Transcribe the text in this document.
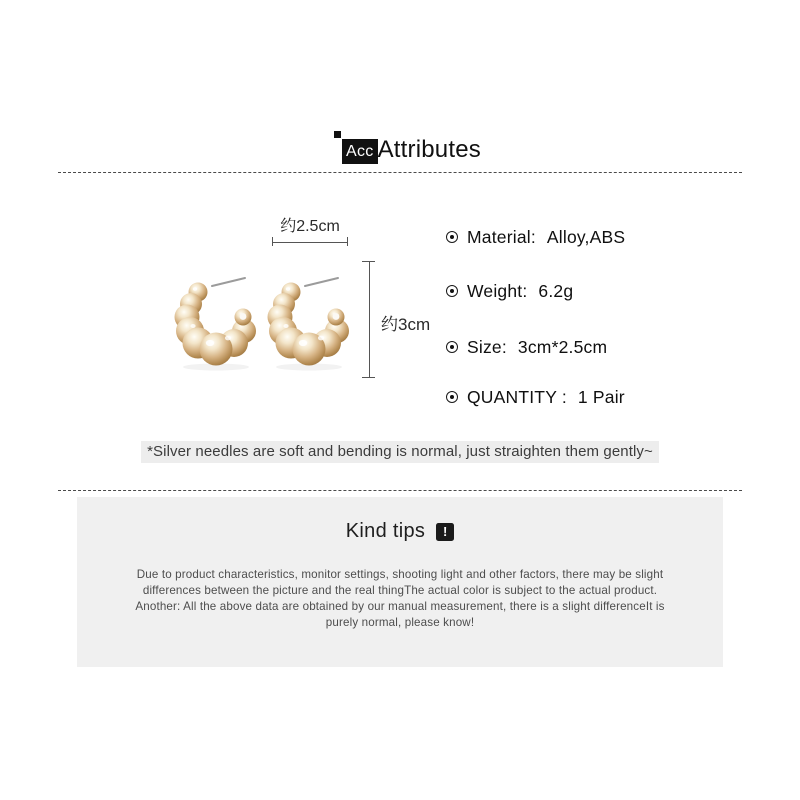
Acc Attributes
约2.5cm
约3cm
Material: Alloy,ABS
Weight: 6.2g
Size: 3cm*2.5cm
QUANTITY : 1 Pair
*Silver needles are soft and bending is normal, just straighten them gently~
Kind tips	!
Due to product characteristics, monitor settings, shooting light and other factors, there may be slight
differences between the picture and the real thingThe actual color is subject to the actual product.
Another: All the above data are obtained by our manual measurement, there is a slight differenceIt is
purely normal, please know!
